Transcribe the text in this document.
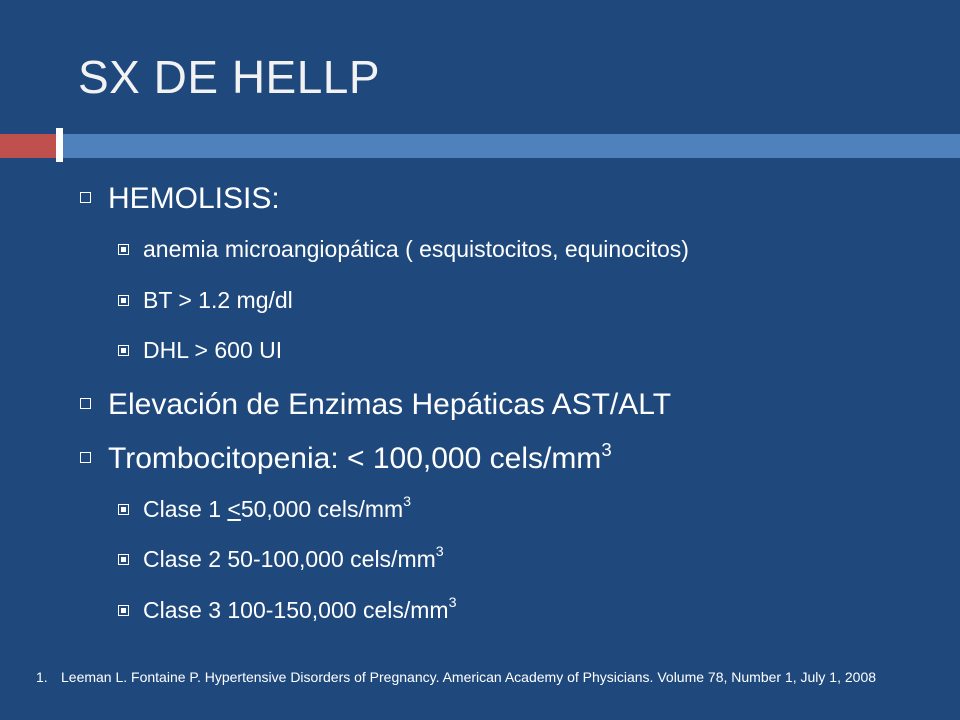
SX DE HELLP
HEMOLISIS:
anemia microangiopática ( esquistocitos, equinocitos)
BT > 1.2 mg/dl
DHL > 600 UI
Elevación de Enzimas Hepáticas AST/ALT
Trombocitopenia: < 100,000 cels/$mm^3$
Clase 1 ≤50,000 cels/$mm^3$
Clase 2 50-100,000 cels/$mm^3$
Clase 3 100-150,000 cels/$mm^3$
1. Leeman L. Fontaine P. Hypertensive Disorders of Pregnancy. American Academy of Physicians. Volume 78, Number 1, July 1, 2008
